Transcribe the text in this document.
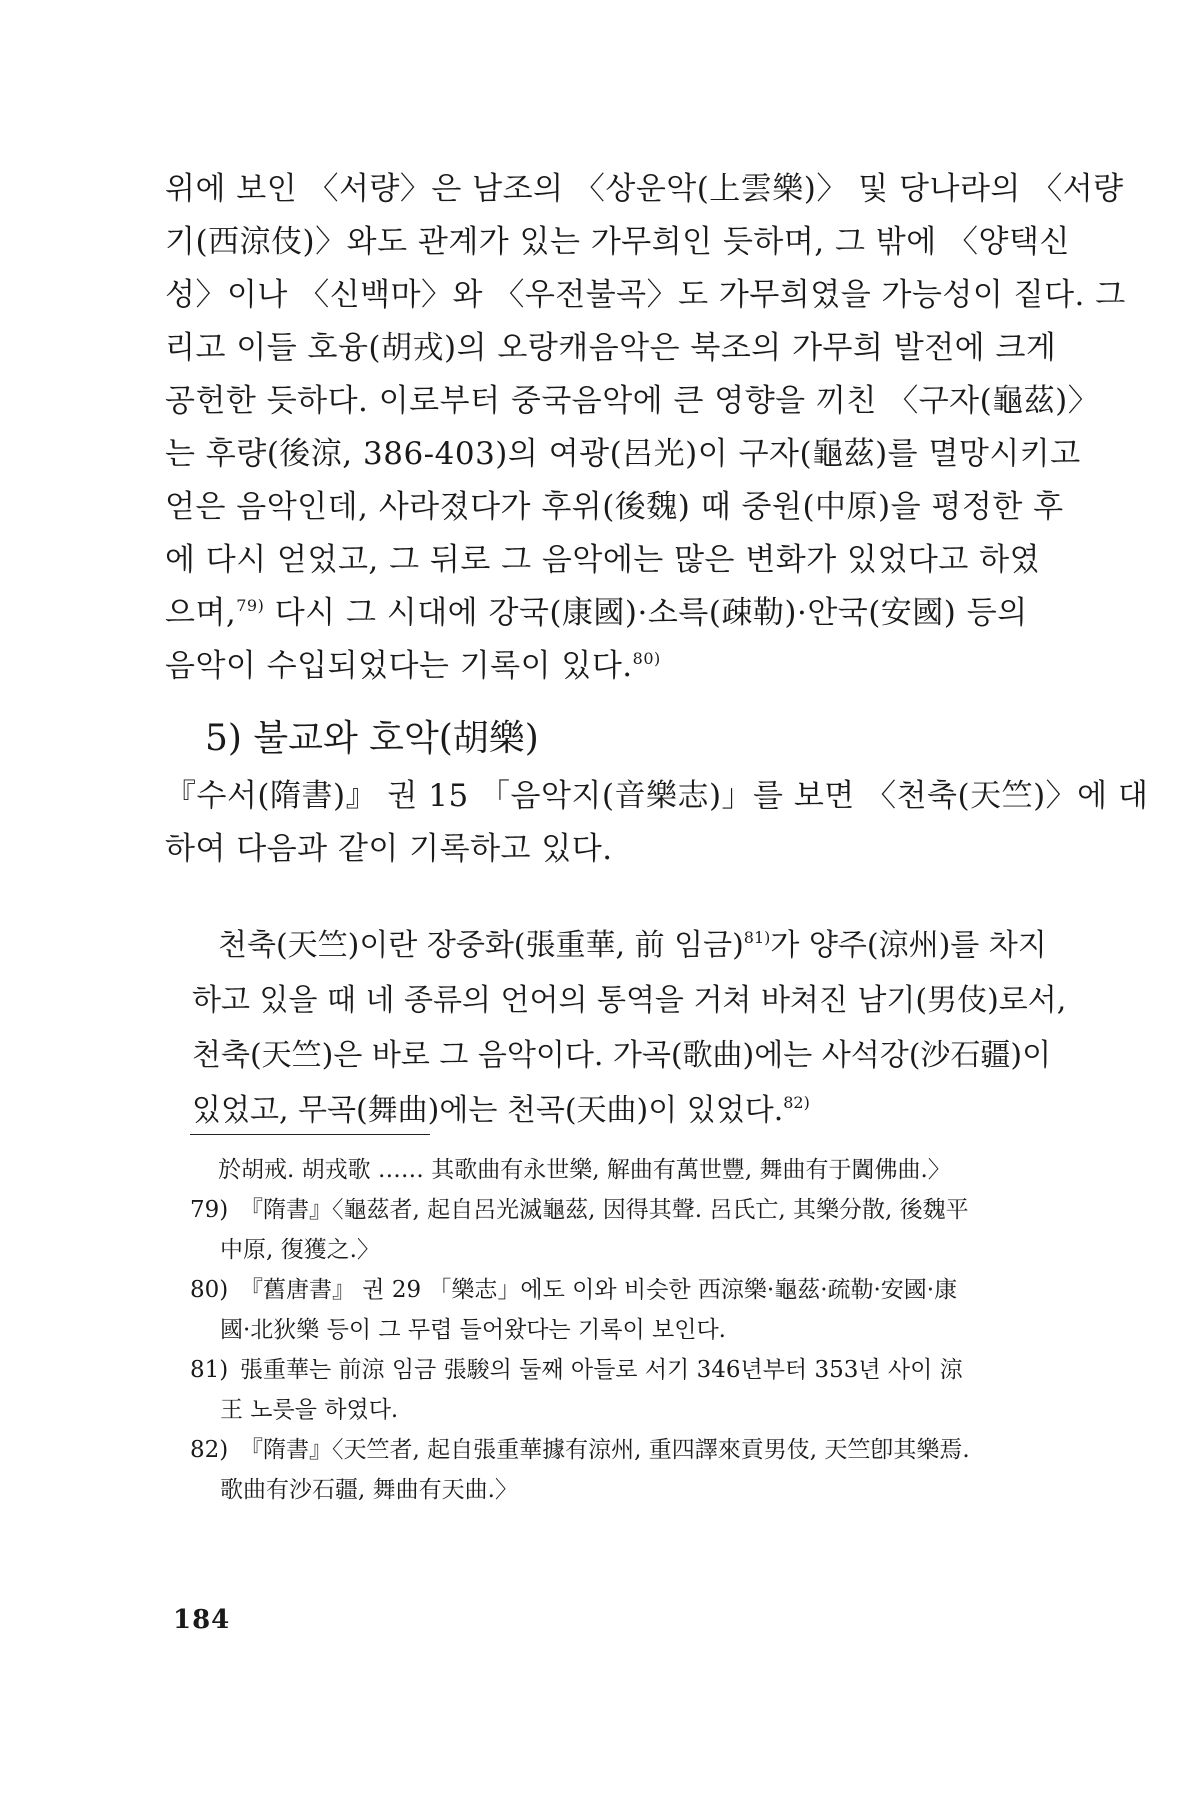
위에 보인 〈서량〉은 남조의 〈상운악(上雲樂)〉 및 당나라의 〈서량
기(西涼伎)〉와도 관계가 있는 가무희인 듯하며, 그 밖에 〈양택신
성〉이나 〈신백마〉와 〈우전불곡〉도 가무희였을 가능성이 짙다. 그
리고 이들 호융(胡戎)의 오랑캐음악은 북조의 가무희 발전에 크게
공헌한 듯하다. 이로부터 중국음악에 큰 영향을 끼친 〈구자(龜茲)〉
는 후량(後涼, 386-403)의 여광(呂光)이 구자(龜茲)를 멸망시키고
얻은 음악인데, 사라졌다가 후위(後魏) 때 중원(中原)을 평정한 후
에 다시 얻었고, 그 뒤로 그 음악에는 많은 변화가 있었다고 하였
으며,$^{79)}$ 다시 그 시대에 강국(康國)·소륵(疎勒)·안국(安國) 등의
음악이 수입되었다는 기록이 있다.$^{80)}$
5) 불교와 호악(胡樂)
『수서(隋書)』 권 15 「음악지(音樂志)」를 보면 〈천축(天竺)〉에 대
하여 다음과 같이 기록하고 있다.
천축(天竺)이란 장중화(張重華, 前 임금)$^{81)}$가 양주(涼州)를 차지
하고 있을 때 네 종류의 언어의 통역을 거쳐 바쳐진 남기(男伎)로서,
천축(天竺)은 바로 그 음악이다. 가곡(歌曲)에는 사석강(沙石疆)이
있었고, 무곡(舞曲)에는 천곡(天曲)이 있었다.$^{82)}$
於胡戒. 胡戎歌 …… 其歌曲有永世樂, 解曲有萬世豐, 舞曲有于闐佛曲.〉
79) 『隋書』〈龜茲者, 起自呂光滅龜茲, 因得其聲. 呂氏亡, 其樂分散, 後魏平
中原, 復獲之.〉
80) 『舊唐書』 권 29 「樂志」에도 이와 비슷한 西涼樂·龜茲·疏勒·安國·康
國·北狄樂 등이 그 무렵 들어왔다는 기록이 보인다.
81) 張重華는 前涼 임금 張駿의 둘째 아들로 서기 346년부터 353년 사이 涼
王 노릇을 하였다.
82) 『隋書』〈天竺者, 起自張重華據有涼州, 重四譯來貢男伎, 天竺卽其樂焉.
歌曲有沙石疆, 舞曲有天曲.〉
184
